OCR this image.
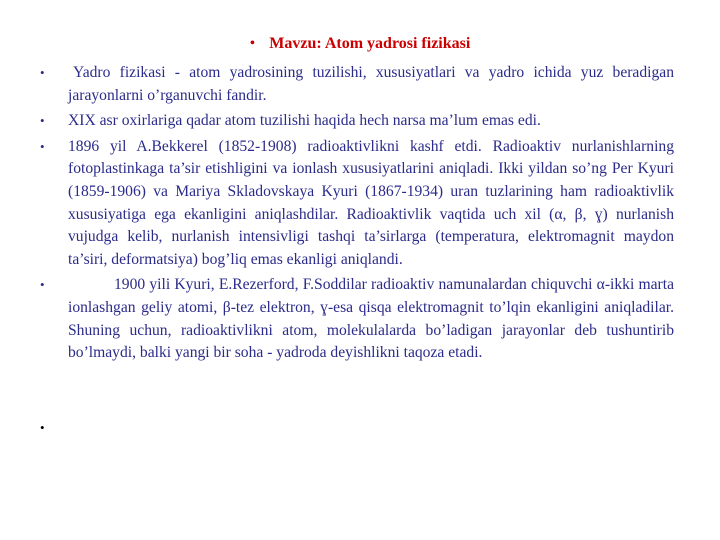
• Mavzu: Atom yadrosi fizikasi
•	Yadro fizikasi - atom yadrosining tuzilishi, xususiyatlari va yadro ichida yuz beradigan jarayonlarni o’rganuvchi fandir.
• XIX asr oxirlariga qadar atom tuzilishi haqida hech narsa ma’lum emas edi.
• 1896 yil A.Bekkerel (1852-1908) radioaktivlikni kashf etdi. Radioaktiv nurlanishlarning fotoplastinkaga ta’sir etishligini va ionlash xususiyatlarini aniqladi. Ikki yildan so’ng Per Kyuri (1859-1906) va Mariya Skladovskaya Kyuri (1867-1934) uran tuzlarining ham radioaktivlik xususiyatiga ega ekanligini aniqlashdilar. Radioaktivlik vaqtida uch xil (α, β, ɣ) nurlanish vujudga kelib, nurlanish intensivligi tashqi ta’sirlarga (temperatura, elektromagnit maydon ta’siri, deformatsiya) bog’liq emas ekanligi aniqlandi.
•	1900 yili Kyuri, E.Rezerford, F.Soddilar radioaktiv namunalardan chiquvchi α-ikki marta ionlashgan geliy atomi, β-tez elektron, ɣ-esa qisqa elektromagnit to’lqin ekanligini aniqladilar. Shuning uchun, radioaktivlikni atom, molekulalarda bo’ladigan jarayonlar deb tushuntirib bo’lmaydi, balki yangi bir soha - yadroda deyishlikni taqoza etadi.
•
